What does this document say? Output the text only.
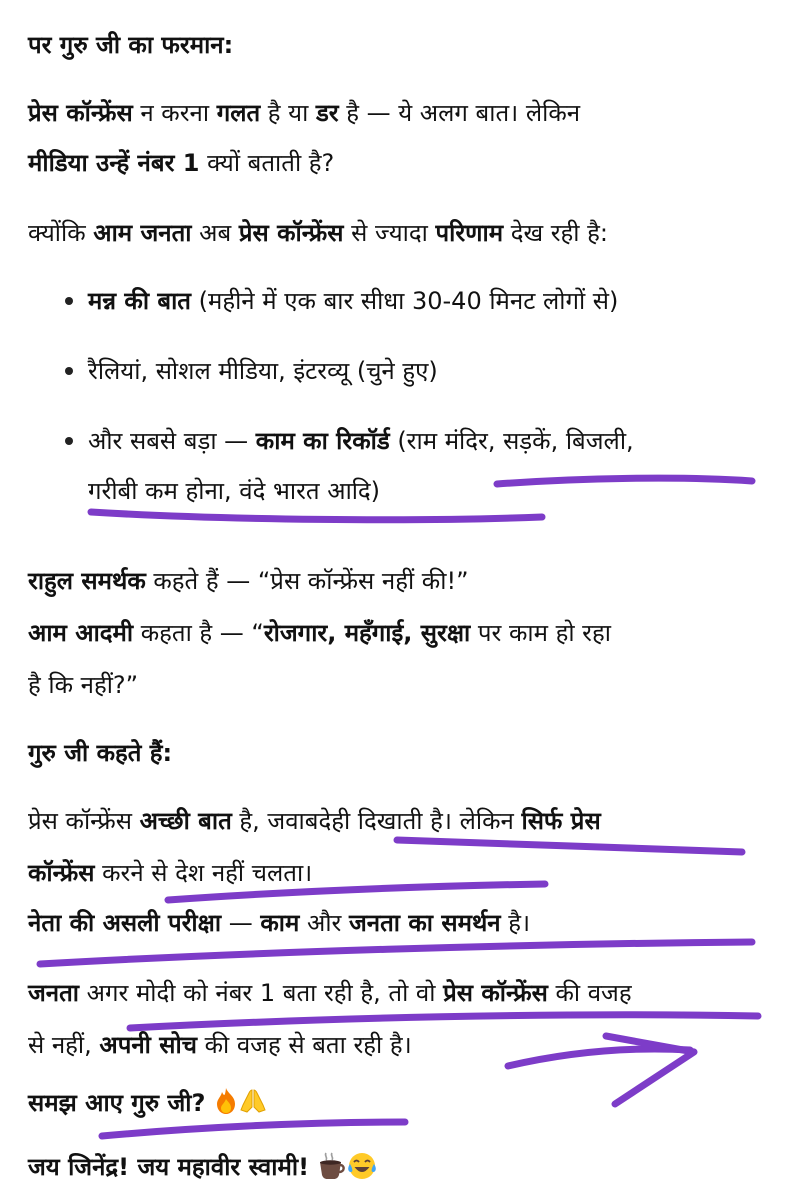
पर गुरु जी का फरमान:
प्रेस कॉन्फ्रेंस न करना गलत है या डर है — ये अलग बात। लेकिन
मीडिया उन्हें नंबर 1 क्यों बताती है?
क्योंकि आम जनता अब प्रेस कॉन्फ्रेंस से ज्यादा परिणाम देख रही है:
मन्न की बात (महीने में एक बार सीधा 30-40 मिनट लोगों से)
रैलियां, सोशल मीडिया, इंटरव्यू (चुने हुए)
और सबसे बड़ा — काम का रिकॉर्ड (राम मंदिर, सड़कें, बिजली,
गरीबी कम होना, वंदे भारत आदि)
राहुल समर्थक कहते हैं — “प्रेस कॉन्फ्रेंस नहीं की!”
आम आदमी कहता है — “रोजगार, महँगाई, सुरक्षा पर काम हो रहा
है कि नहीं?”
गुरु जी कहते हैं:
प्रेस कॉन्फ्रेंस अच्छी बात है, जवाबदेही दिखाती है। लेकिन सिर्फ प्रेस
कॉन्फ्रेंस करने से देश नहीं चलता।
नेता की असली परीक्षा — काम और जनता का समर्थन है।
जनता अगर मोदी को नंबर 1 बता रही है, तो वो प्रेस कॉन्फ्रेंस की वजह
से नहीं, अपनी सोच की वजह से बता रही है।
समझ आए गुरु जी?
जय जिनेंद्र! जय महावीर स्वामी!
